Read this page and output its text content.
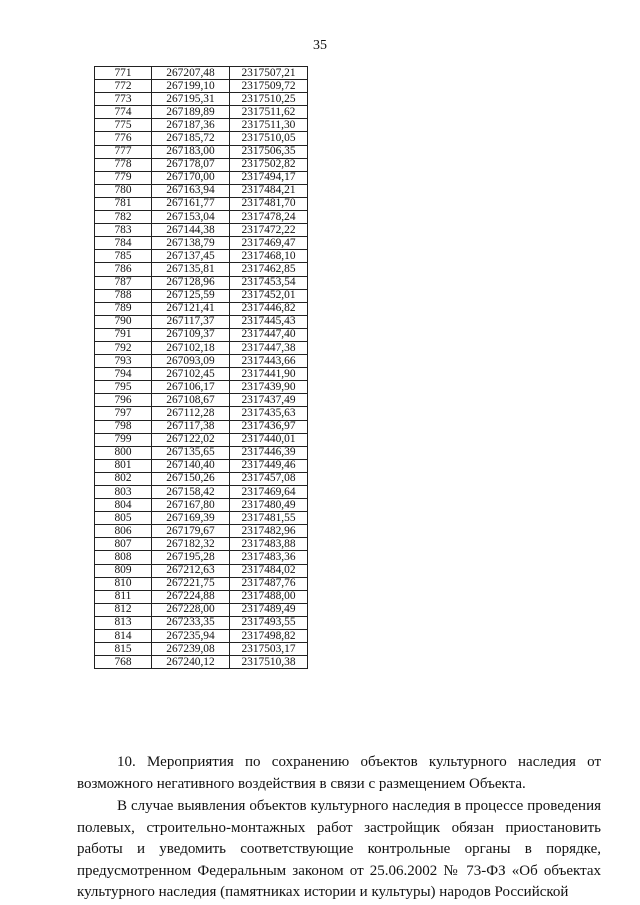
35
771	267207,48	2317507,21
772	267199,10	2317509,72
773	267195,31	2317510,25
774	267189,89	2317511,62
775	267187,36	2317511,30
776	267185,72	2317510,05
777	267183,00	2317506,35
778	267178,07	2317502,82
779	267170,00	2317494,17
780	267163,94	2317484,21
781	267161,77	2317481,70
782	267153,04	2317478,24
783	267144,38	2317472,22
784	267138,79	2317469,47
785	267137,45	2317468,10
786	267135,81	2317462,85
787	267128,96	2317453,54
788	267125,59	2317452,01
789	267121,41	2317446,82
790	267117,37	2317445,43
791	267109,37	2317447,40
792	267102,18	2317447,38
793	267093,09	2317443,66
794	267102,45	2317441,90
795	267106,17	2317439,90
796	267108,67	2317437,49
797	267112,28	2317435,63
798	267117,38	2317436,97
799	267122,02	2317440,01
800	267135,65	2317446,39
801	267140,40	2317449,46
802	267150,26	2317457,08
803	267158,42	2317469,64
804	267167,80	2317480,49
805	267169,39	2317481,55
806	267179,67	2317482,96
807	267182,32	2317483,88
808	267195,28	2317483,36
809	267212,63	2317484,02
810	267221,75	2317487,76
811	267224,88	2317488,00
812	267228,00	2317489,49
813	267233,35	2317493,55
814	267235,94	2317498,82
815	267239,08	2317503,17
768	267240,12	2317510,38

10. Мероприятия по сохранению объектов культурного наследия от
возможного негативного воздействия в связи с размещением Объекта.

В случае выявления объектов культурного наследия в процессе проведения полевых, строительно-монтажных работ застройщик обязан приостановить работы и уведомить соответствующие контрольные органы в порядке, предусмотренном Федеральным законом от 25.06.2002 № 73-ФЗ «Об объектах культурного наследия (памятниках истории и культуры) народов Российской
